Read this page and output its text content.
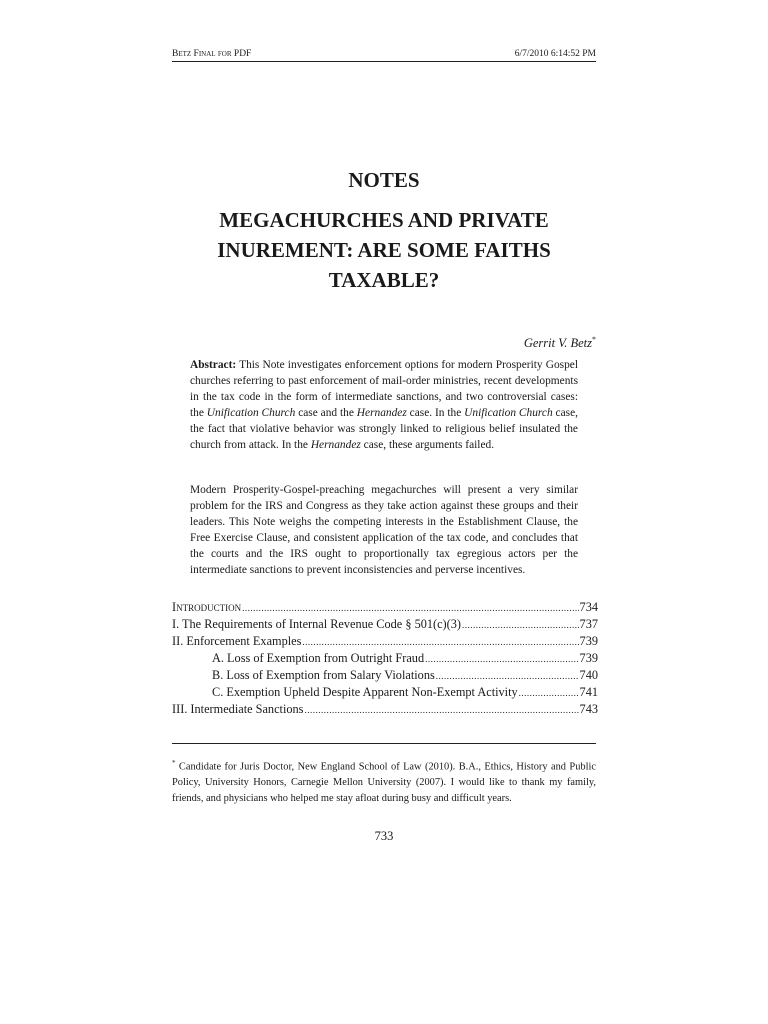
Betz Final for PDF	6/7/2010 6:14:52 PM
NOTES
MEGACHURCHES AND PRIVATE INUREMENT: ARE SOME FAITHS TAXABLE?
Gerrit V. Betz*

Abstract: This Note investigates enforcement options for modern Prosperity Gospel churches referring to past enforcement of mail-order ministries, recent developments in the tax code in the form of intermediate sanctions, and two controversial cases: the Unification Church case and the Hernandez case. In the Unification Church case, the fact that violative behavior was strongly linked to religious belief insulated the church from attack. In the Hernandez case, these arguments failed.

Modern Prosperity-Gospel-preaching megachurches will present a very similar problem for the IRS and Congress as they take action against these groups and their leaders. This Note weighs the competing interests in the Establishment Clause, the Free Exercise Clause, and consistent application of the tax code, and concludes that the courts and the IRS ought to proportionally tax egregious actors per the intermediate sanctions to prevent inconsistencies and perverse incentives.

Introduction .....	734
I. The Requirements of Internal Revenue Code § 501(c)(3) .....	737
II. Enforcement Examples .....	739
A. Loss of Exemption from Outright Fraud .....	739
B. Loss of Exemption from Salary Violations .....	740
C. Exemption Upheld Despite Apparent Non-Exempt Activity .....	741
III. Intermediate Sanctions .....	743

* Candidate for Juris Doctor, New England School of Law (2010). B.A., Ethics, History and Public Policy, University Honors, Carnegie Mellon University (2007). I would like to thank my family, friends, and physicians who helped me stay afloat during busy and difficult years.

733
